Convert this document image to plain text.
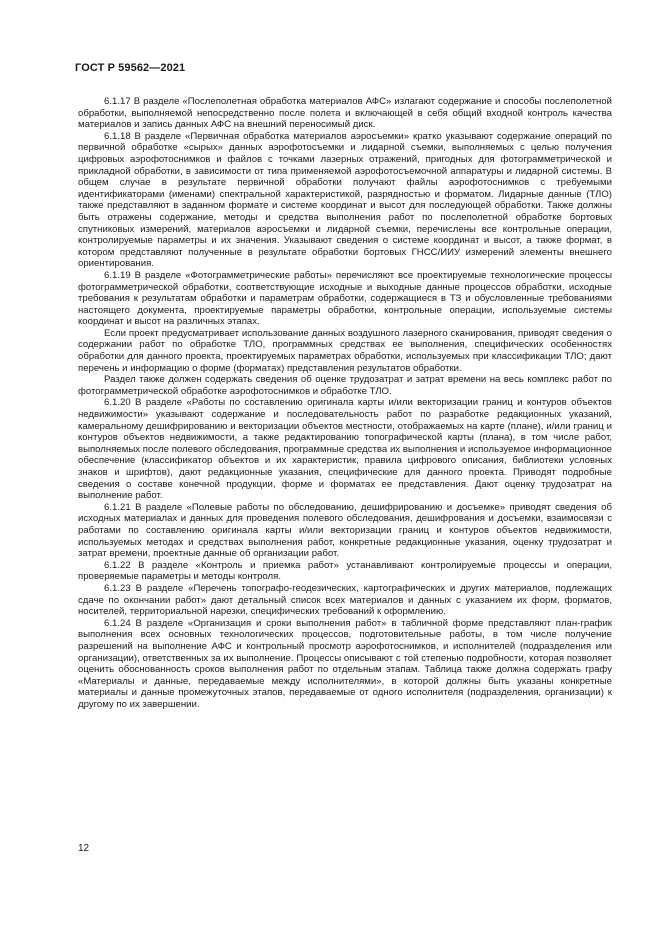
ГОСТ Р 59562—2021

6.1.17 В разделе «Послеполетная обработка материалов АФС» излагают содержание и способы послеполетной обработки, выполняемой непосредственно после полета и включающей в себя общий входной контроль качества материалов и запись данных АФС на внешний переносимый диск.

6.1.18 В разделе «Первичная обработка материалов аэросъемки» кратко указывают содержание операций по первичной обработке «сырых» данных аэрофотосъемки и лидарной съемки, выполняемых с целью получения цифровых аэрофотоснимков и файлов с точками лазерных отражений, пригодных для фотограмметрической и прикладной обработки, в зависимости от типа применяемой аэрофотосъемочной аппаратуры и лидарной системы. В общем случае в результате первичной обработки получают файлы аэрофотоснимков с требуемыми идентификаторами (именами) спектральной характеристикой, разрядностью и форматом. Лидарные данные (ТЛО) также представляют в заданном формате и системе координат и высот для последующей обработки. Также должны быть отражены содержание, методы и средства выполнения работ по послеполетной обработке бортовых спутниковых измерений, материалов аэросъемки и лидарной съемки, перечислены все контрольные операции, контролируемые параметры и их значения. Указывают сведения о системе координат и высот, а также формат, в котором представляют полученные в результате обработки бортовых ГНСС/ИИУ измерений элементы внешнего ориентирования.

6.1.19 В разделе «Фотограмметрические работы» перечисляют все проектируемые технологические процессы фотограмметрической обработки, соответствующие исходные и выходные данные процессов обработки, исходные требования к результатам обработки и параметрам обработки, содержащиеся в ТЗ и обусловленные требованиями настоящего документа, проектируемые параметры обработки, контрольные операции, используемые системы координат и высот на различных этапах.

Если проект предусматривает использование данных воздушного лазерного сканирования, приводят сведения о содержании работ по обработке ТЛО, программных средствах ее выполнения, специфических особенностях обработки для данного проекта, проектируемых параметрах обработки, используемых при классификации ТЛО; дают перечень и информацию о форме (форматах) представления результатов обработки.

Раздел также должен содержать сведения об оценке трудозатрат и затрат времени на весь комплекс работ по фотограмметрической обработке аэрофотоснимков и обработке ТЛО.

6.1.20 В разделе «Работы по составлению оригинала карты и/или векторизации границ и контуров объектов недвижимости» указывают содержание и последовательность работ по разработке редакционных указаний, камеральному дешифрированию и векторизации объектов местности, отображаемых на карте (плане), и/или границ и контуров объектов недвижимости, а также редактированию топографической карты (плана), в том числе работ, выполняемых после полевого обследования, программные средства их выполнения и используемое информационное обеспечение (классификатор объектов и их характеристик, правила цифрового описания, библиотеки условных знаков и шрифтов), дают редакционные указания, специфические для данного проекта. Приводят подробные сведения о составе конечной продукции, форме и форматах ее представления. Дают оценку трудозатрат на выполнение работ.

6.1.21 В разделе «Полевые работы по обследованию, дешифрированию и досъемке» приводят сведения об исходных материалах и данных для проведения полевого обследования, дешифрования и досъемки, взаимосвязи с работами по составлению оригинала карты и/или векторизации границ и контуров объектов недвижимости, используемых методах и средствах выполнения работ, конкретные редакционные указания, оценку трудозатрат и затрат времени, проектные данные об организации работ.

6.1.22 В разделе «Контроль и приемка работ» устанавливают контролируемые процессы и операции, проверяемые параметры и методы контроля.

6.1.23 В разделе «Перечень топографо-геодезических, картографических и других материалов, подлежащих сдаче по окончании работ» дают детальный список всех материалов и данных с указанием их форм, форматов, носителей, территориальной нарезки, специфических требований к оформлению.

6.1.24 В разделе «Организация и сроки выполнения работ» в табличной форме представляют план-график выполнения всех основных технологических процессов, подготовительные работы, в том числе получение разрешений на выполнение АФС и контрольный просмотр аэрофотоснимков, и исполнителей (подразделения или организации), ответственных за их выполнение. Процессы описывают с той степенью подробности, которая позволяет оценить обоснованность сроков выполнения работ по отдельным этапам. Таблица также должна содержать графу «Материалы и данные, передаваемые между исполнителями», в которой должны быть указаны конкретные материалы и данные промежуточных этапов, передаваемые от одного исполнителя (подразделения, организации) к другому по их завершении.

12
